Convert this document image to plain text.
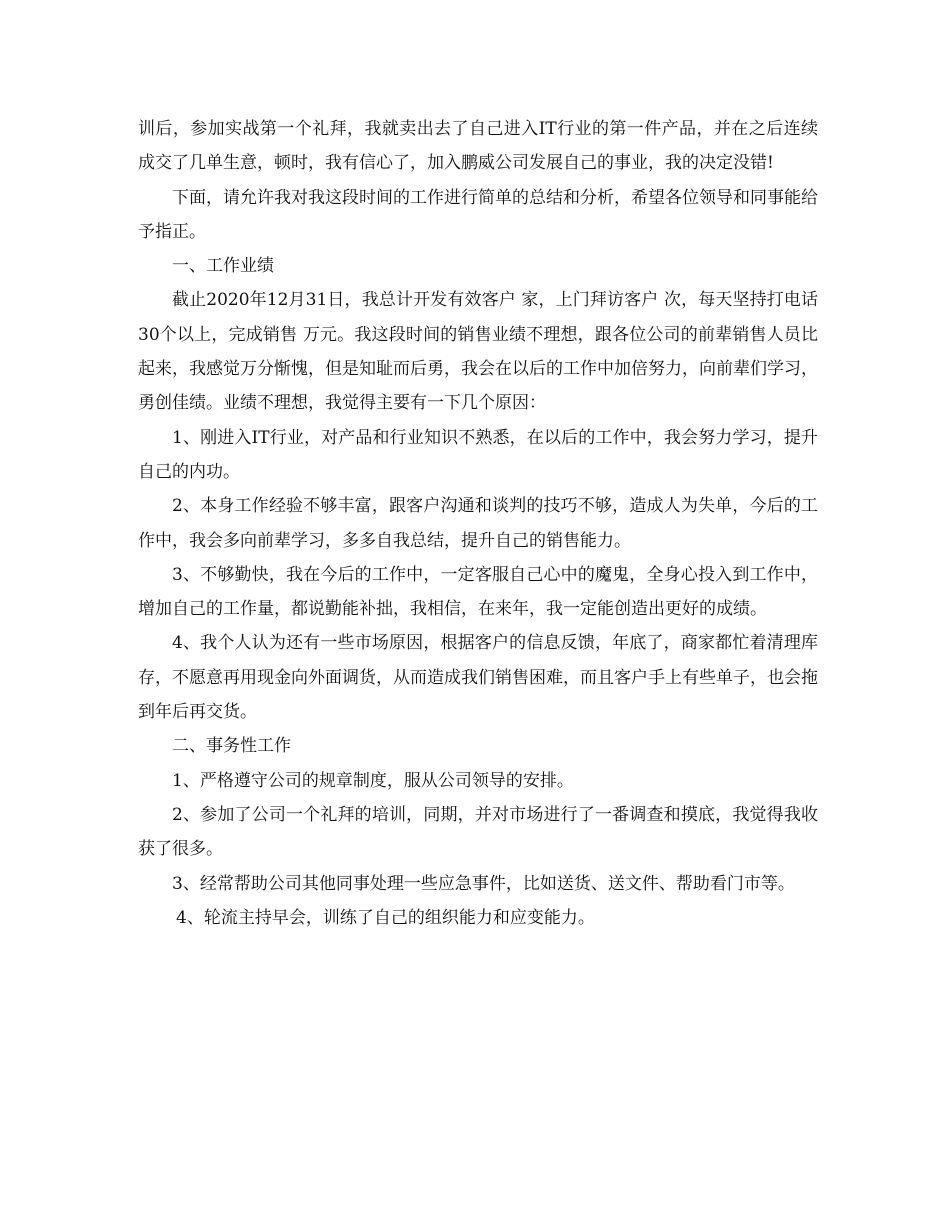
训后，参加实战第一个礼拜，我就卖出去了自己进入IT行业的第一件产品，并在之后连续成交了几单生意，顿时，我有信心了，加入鹏威公司发展自己的事业，我的决定没错!

下面，请允许我对我这段时间的工作进行简单的总结和分析，希望各位领导和同事能给予指正。

一、工作业绩

截止2020年12月31日，我总计开发有效客户 家，上门拜访客户 次，每天坚持打电话 30个以上，完成销售 万元。我这段时间的销售业绩不理想，跟各位公司的前辈销售人员比起来，我感觉万分惭愧，但是知耻而后勇，我会在以后的工作中加倍努力，向前辈们学习，勇创佳绩。业绩不理想，我觉得主要有一下几个原因：

1、刚进入IT行业，对产品和行业知识不熟悉，在以后的工作中，我会努力学习，提升自己的内功。

2、本身工作经验不够丰富，跟客户沟通和谈判的技巧不够，造成人为失单，今后的工作中，我会多向前辈学习，多多自我总结，提升自己的销售能力。

3、不够勤快，我在今后的工作中，一定客服自己心中的魔鬼，全身心投入到工作中，增加自己的工作量，都说勤能补拙，我相信，在来年，我一定能创造出更好的成绩。

4、我个人认为还有一些市场原因，根据客户的信息反馈，年底了，商家都忙着清理库存，不愿意再用现金向外面调货，从而造成我们销售困难，而且客户手上有些单子，也会拖到年后再交货。

二、事务性工作

1、严格遵守公司的规章制度，服从公司领导的安排。

2、参加了公司一个礼拜的培训，同期，并对市场进行了一番调查和摸底，我觉得我收获了很多。

3、经常帮助公司其他同事处理一些应急事件，比如送货、送文件、帮助看门市等。

4、轮流主持早会，训练了自己的组织能力和应变能力。
